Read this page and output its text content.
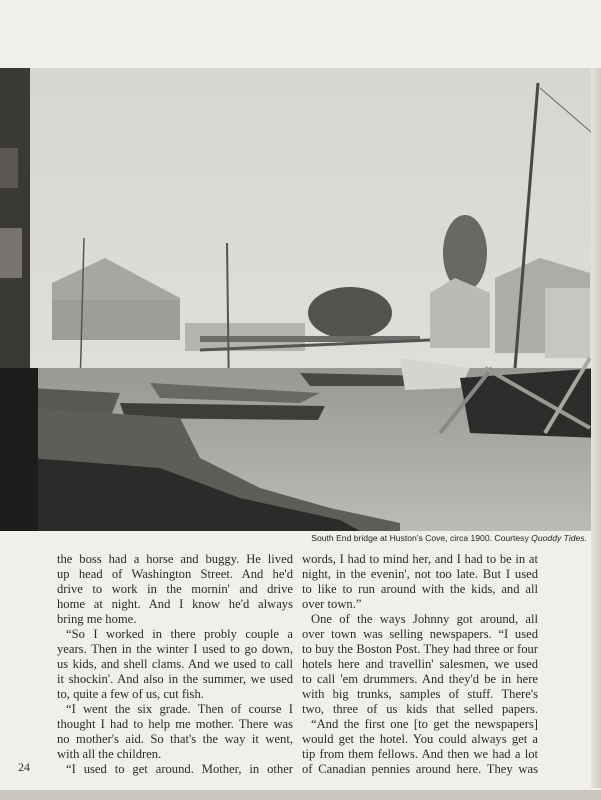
South End bridge at Huston's Cove, circa 1900. Courtesy Quoddy Tides.
the boss had a horse and buggy. He lived
up head of Washington Street. And he'd
drive to work in the mornin' and drive
home at night. And I know he'd always
bring me home.
“So I worked in there probly couple a
years. Then in the winter I used to go down,
us kids, and shell clams. And we used to call
it shockin'. And also in the summer, we used
to, quite a few of us, cut fish.
“I went the six grade. Then of course I
thought I had to help me mother. There was
no mother's aid. So that's the way it went,
with all the children.
“I used to get around. Mother, in other
words, I had to mind her, and I had to be in at
night, in the evenin', not too late. But I used
to like to run around with the kids, and all
over town.”
One of the ways Johnny got around, all
over town was selling newspapers. “I used
to buy the Boston Post. They had three or four
hotels here and travellin' salesmen, we used
to call 'em drummers. And they'd be in here
with big trunks, samples of stuff. There's
two, three of us kids that selled papers.
“And the first one [to get the newspapers]
would get the hotel. You could always get a
tip from them fellows. And then we had a lot
of Canadian pennies around here. They was
24
